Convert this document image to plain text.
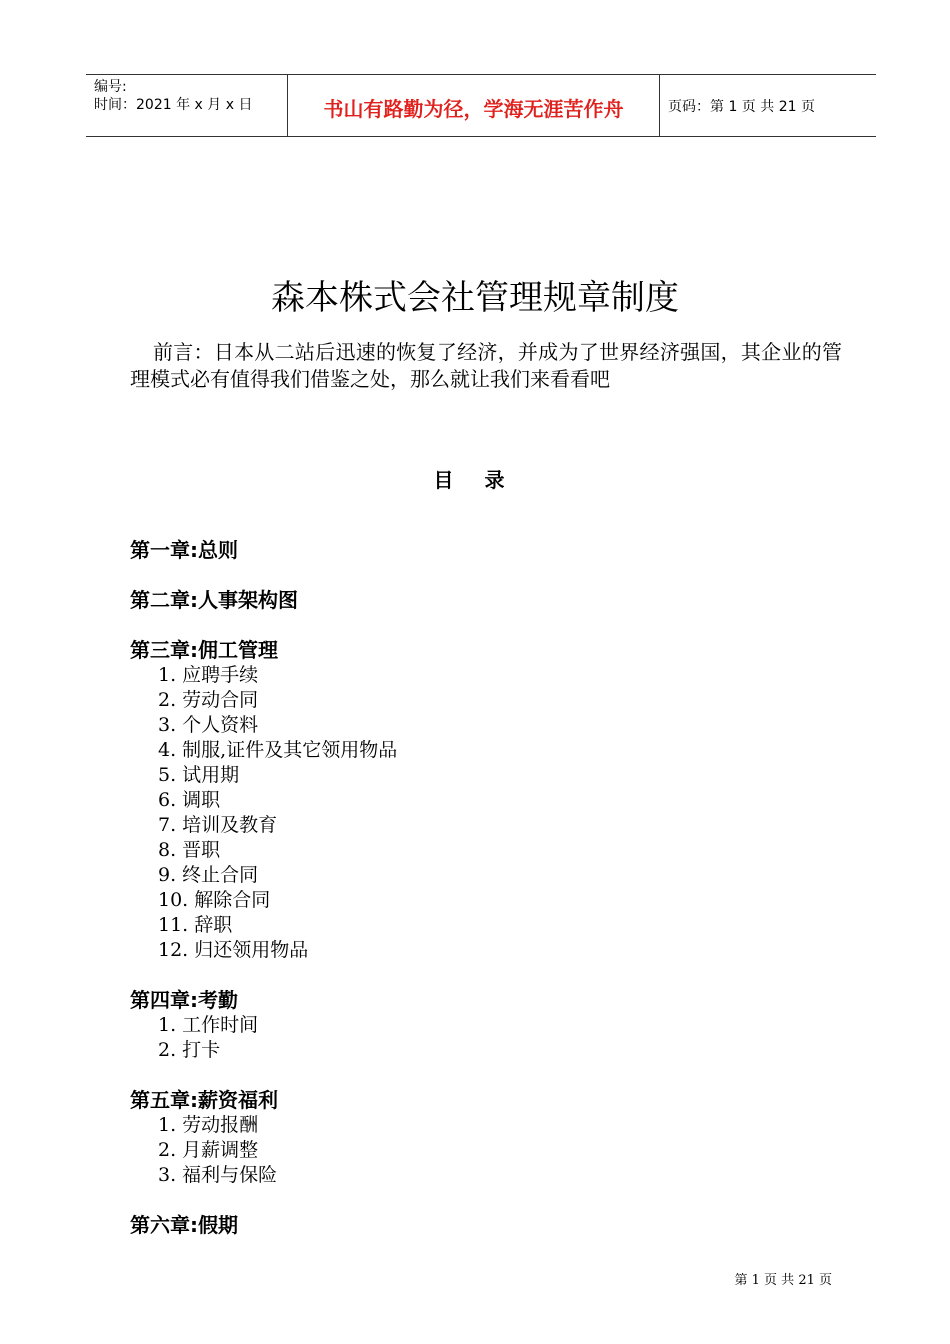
编号:
时间：2021 年 x 月 x 日	书山有路勤为径，学海无涯苦作舟	页码：第 1 页 共 21 页
森本株式会社管理规章制度
前言：日本从二站后迅速的恢复了经济，并成为了世界经济强国，其企业的管理模式必有值得我们借鉴之处，那么就让我们来看看吧
目 录
第一章:总则
第二章:人事架构图
第三章:佣工管理
1. 应聘手续
2. 劳动合同
3. 个人资料
4. 制服,证件及其它领用物品
5. 试用期
6. 调职
7. 培训及教育
8. 晋职
9. 终止合同
10. 解除合同
11. 辞职
12. 归还领用物品
第四章:考勤
1. 工作时间
2. 打卡
第五章:薪资福利
1. 劳动报酬
2. 月薪调整
3. 福利与保险
第六章:假期
第 1 页 共 21 页
